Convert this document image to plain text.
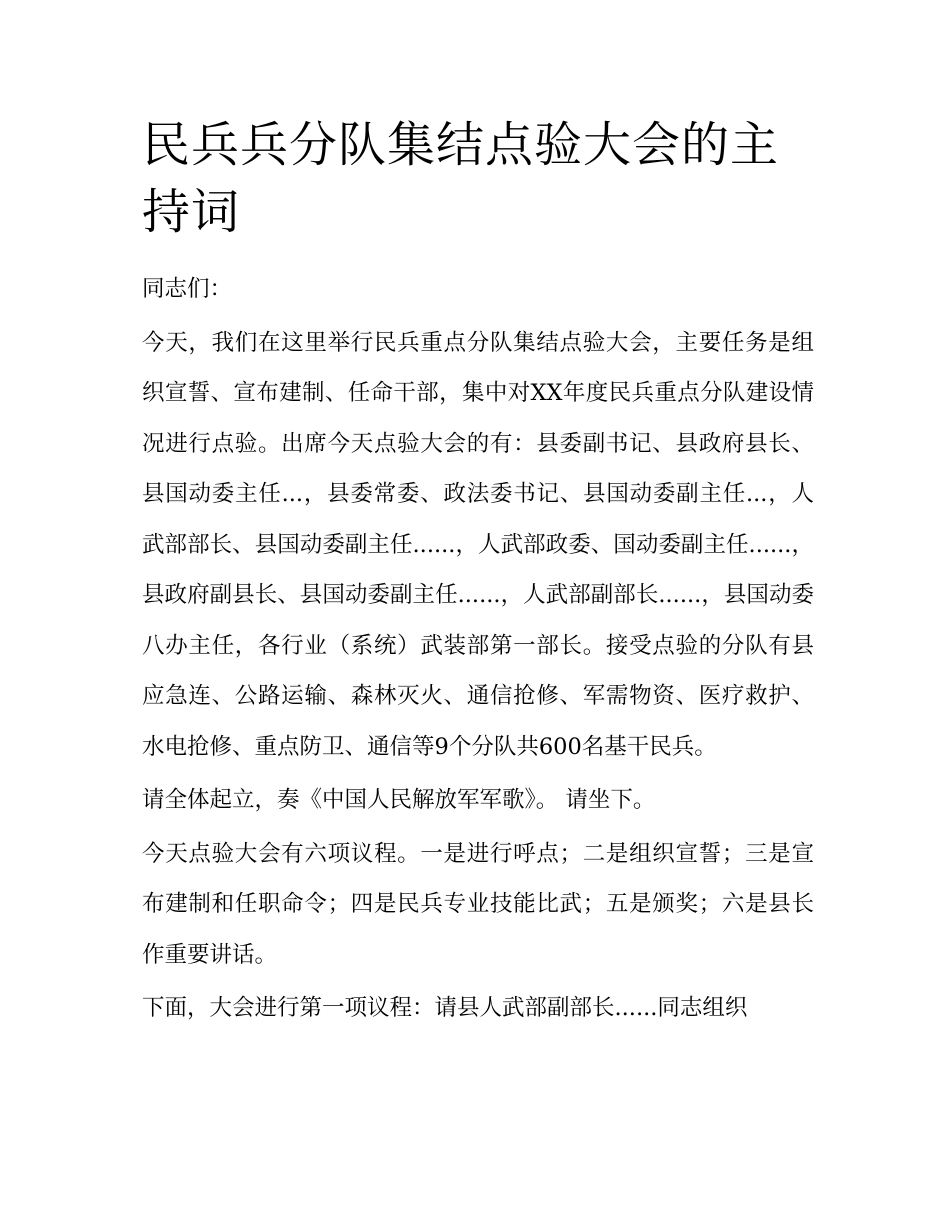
民兵兵分队集结点验大会的主持词

同志们：

今天，我们在这里举行民兵重点分队集结点验大会，主要任务是组织宣誓、宣布建制、任命干部，集中对XX年度民兵重点分队建设情况进行点验。出席今天点验大会的有：县委副书记、县政府县长、县国动委主任...，县委常委、政法委书记、县国动委副主任...，人武部部长、县国动委副主任......，人武部政委、国动委副主任......，县政府副县长、县国动委副主任......，人武部副部长......，县国动委八办主任，各行业（系统）武装部第一部长。接受点验的分队有县应急连、公路运输、森林灭火、通信抢修、军需物资、医疗救护、水电抢修、重点防卫、通信等9个分队共600名基干民兵。

请全体起立，奏《中国人民解放军军歌》。 请坐下。

今天点验大会有六项议程。一是进行呼点；二是组织宣誓；三是宣布建制和任职命令；四是民兵专业技能比武；五是颁奖；六是县长作重要讲话。

下面，大会进行第一项议程：请县人武部副部长......同志组织
